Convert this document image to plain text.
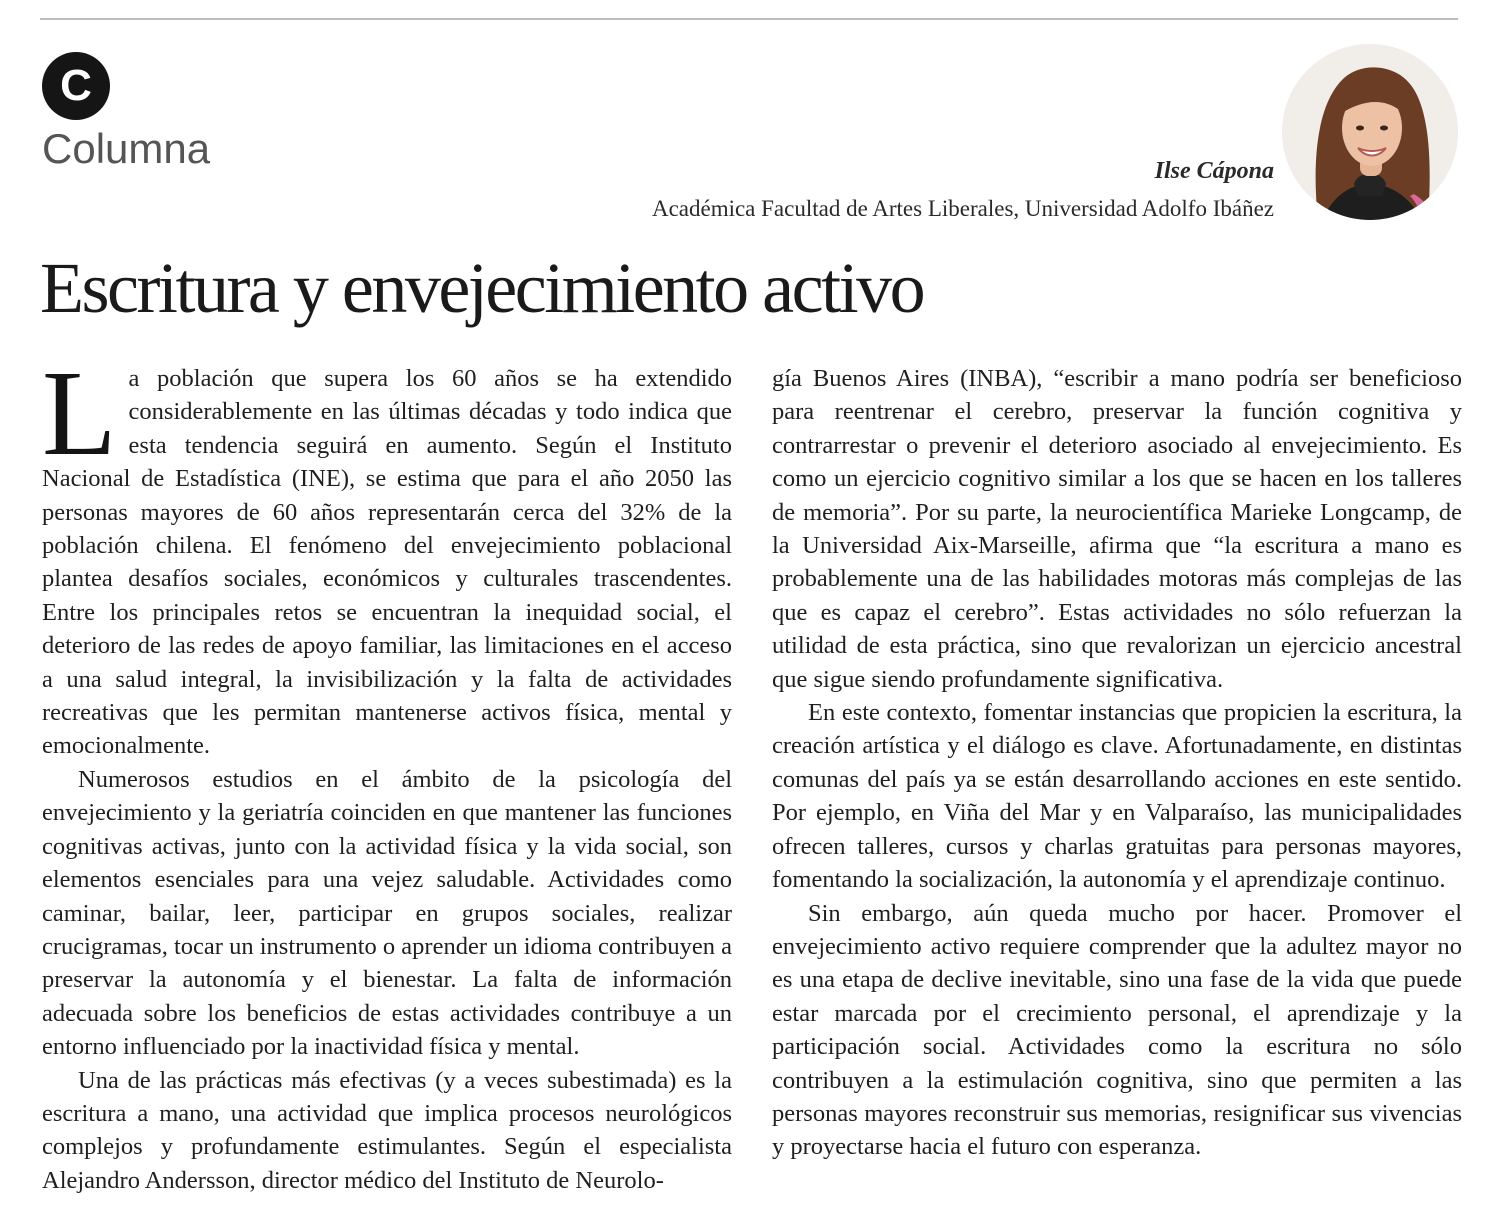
C
Columna	Ilse Cápona
Académica Facultad de Artes Liberales, Universidad Adolfo Ibáñez
Escritura y envejecimiento activo

La población que supera los 60 años se ha extendido considerablemente en las últimas décadas y todo indica que esta tendencia seguirá en aumento. Según el Instituto Nacional de Estadística (INE), se estima que para el año 2050 las personas mayores de 60 años representarán cerca del 32% de la población chilena. El fenómeno del envejecimiento poblacional plantea desafíos sociales, económicos y culturales trascendentes. Entre los principales retos se encuentran la inequidad social, el deterioro de las redes de apoyo familiar, las limitaciones en el acceso a una salud integral, la invisibilización y la falta de actividades recreativas que les permitan mantenerse activos física, mental y emocionalmente.

Numerosos estudios en el ámbito de la psicología del envejecimiento y la geriatría coinciden en que mantener las funciones cognitivas activas, junto con la actividad física y la vida social, son elementos esenciales para una vejez saludable. Actividades como caminar, bailar, leer, participar en grupos sociales, realizar crucigramas, tocar un instrumento o aprender un idioma contribuyen a preservar la autonomía y el bienestar. La falta de información adecuada sobre los beneficios de estas actividades contribuye a un entorno influenciado por la inactividad física y mental.

Una de las prácticas más efectivas (y a veces subestimada) es la escritura a mano, una actividad que implica procesos neurológicos complejos y profundamente estimulantes. Según el especialista Alejandro Andersson, director médico del Instituto de Neurolo-

gía Buenos Aires (INBA), “escribir a mano podría ser beneficioso para reentrenar el cerebro, preservar la función cognitiva y contrarrestar o prevenir el deterioro asociado al envejecimiento. Es como un ejercicio cognitivo similar a los que se hacen en los talleres de memoria”. Por su parte, la neurocientífica Marieke Longcamp, de la Universidad Aix-Marseille, afirma que “la escritura a mano es probablemente una de las habilidades motoras más complejas de las que es capaz el cerebro”. Estas actividades no sólo refuerzan la utilidad de esta práctica, sino que revalorizan un ejercicio ancestral que sigue siendo profundamente significativa.

En este contexto, fomentar instancias que propicien la escritura, la creación artística y el diálogo es clave. Afortunadamente, en distintas comunas del país ya se están desarrollando acciones en este sentido. Por ejemplo, en Viña del Mar y en Valparaíso, las municipalidades ofrecen talleres, cursos y charlas gratuitas para personas mayores, fomentando la socialización, la autonomía y el aprendizaje continuo.

Sin embargo, aún queda mucho por hacer. Promover el envejecimiento activo requiere comprender que la adultez mayor no es una etapa de declive inevitable, sino una fase de la vida que puede estar marcada por el crecimiento personal, el aprendizaje y la participación social. Actividades como la escritura no sólo contribuyen a la estimulación cognitiva, sino que permiten a las personas mayores reconstruir sus memorias, resignificar sus vivencias y proyectarse hacia el futuro con esperanza.
